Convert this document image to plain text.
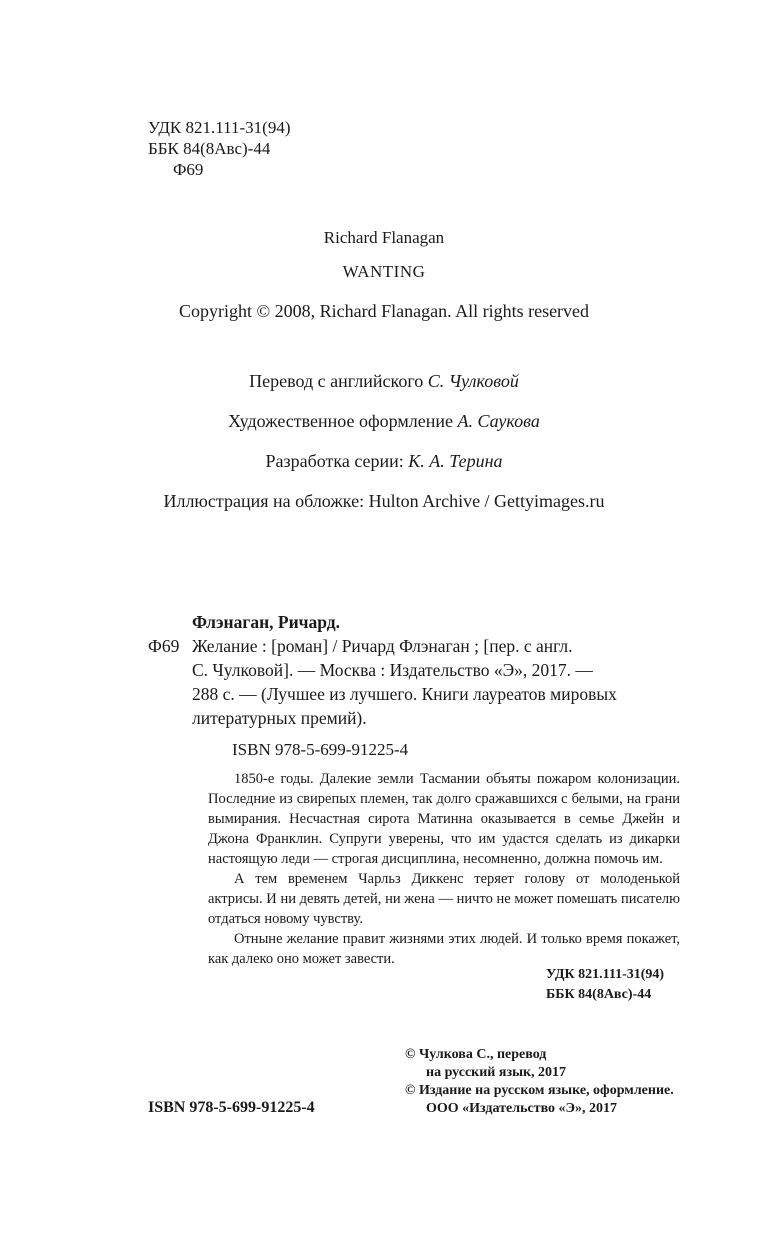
УДК 821.111-31(94)
ББК 84(8Авс)-44
Ф69
Richard Flanagan
WANTING
Copyright © 2008, Richard Flanagan. All rights reserved
Перевод с английского С. Чулковой
Художественное оформление А. Саукова
Разработка серии: К. А. Терина
Иллюстрация на обложке: Hulton Archive / Gettyimages.ru
Флэнаган, Ричард.
Ф69 Желание : [роман] / Ричард Флэнаган ; [пер. с англ.
С. Чулковой]. — Москва : Издательство «Э», 2017. —
288 с. — (Лучшее из лучшего. Книги лауреатов мировых
литературных премий).
ISBN 978-5-699-91225-4

1850-е годы. Далекие земли Тасмании объяты пожаром колонизации. Последние из свирепых племен, так долго сражавшихся с белыми, на грани вымирания. Несчастная сирота Матинна оказывается в семье Джейн и Джона Франклин. Супруги уверены, что им удастся сделать из дикарки настоящую леди — строгая дисциплина, несомненно, должна помочь им.

А тем временем Чарльз Диккенс теряет голову от молоденькой актрисы. И ни девять детей, ни жена — ничто не может помешать писателю отдаться новому чувству.

Отныне желание правит жизнями этих людей. И только время покажет, как далеко оно может завести.

УДК 821.111-31(94)
ББК 84(8Авс)-44
© Чулкова С., перевод
на русский язык, 2017
© Издание на русском языке, оформление.
ООО «Издательство «Э», 2017
ISBN 978-5-699-91225-4
